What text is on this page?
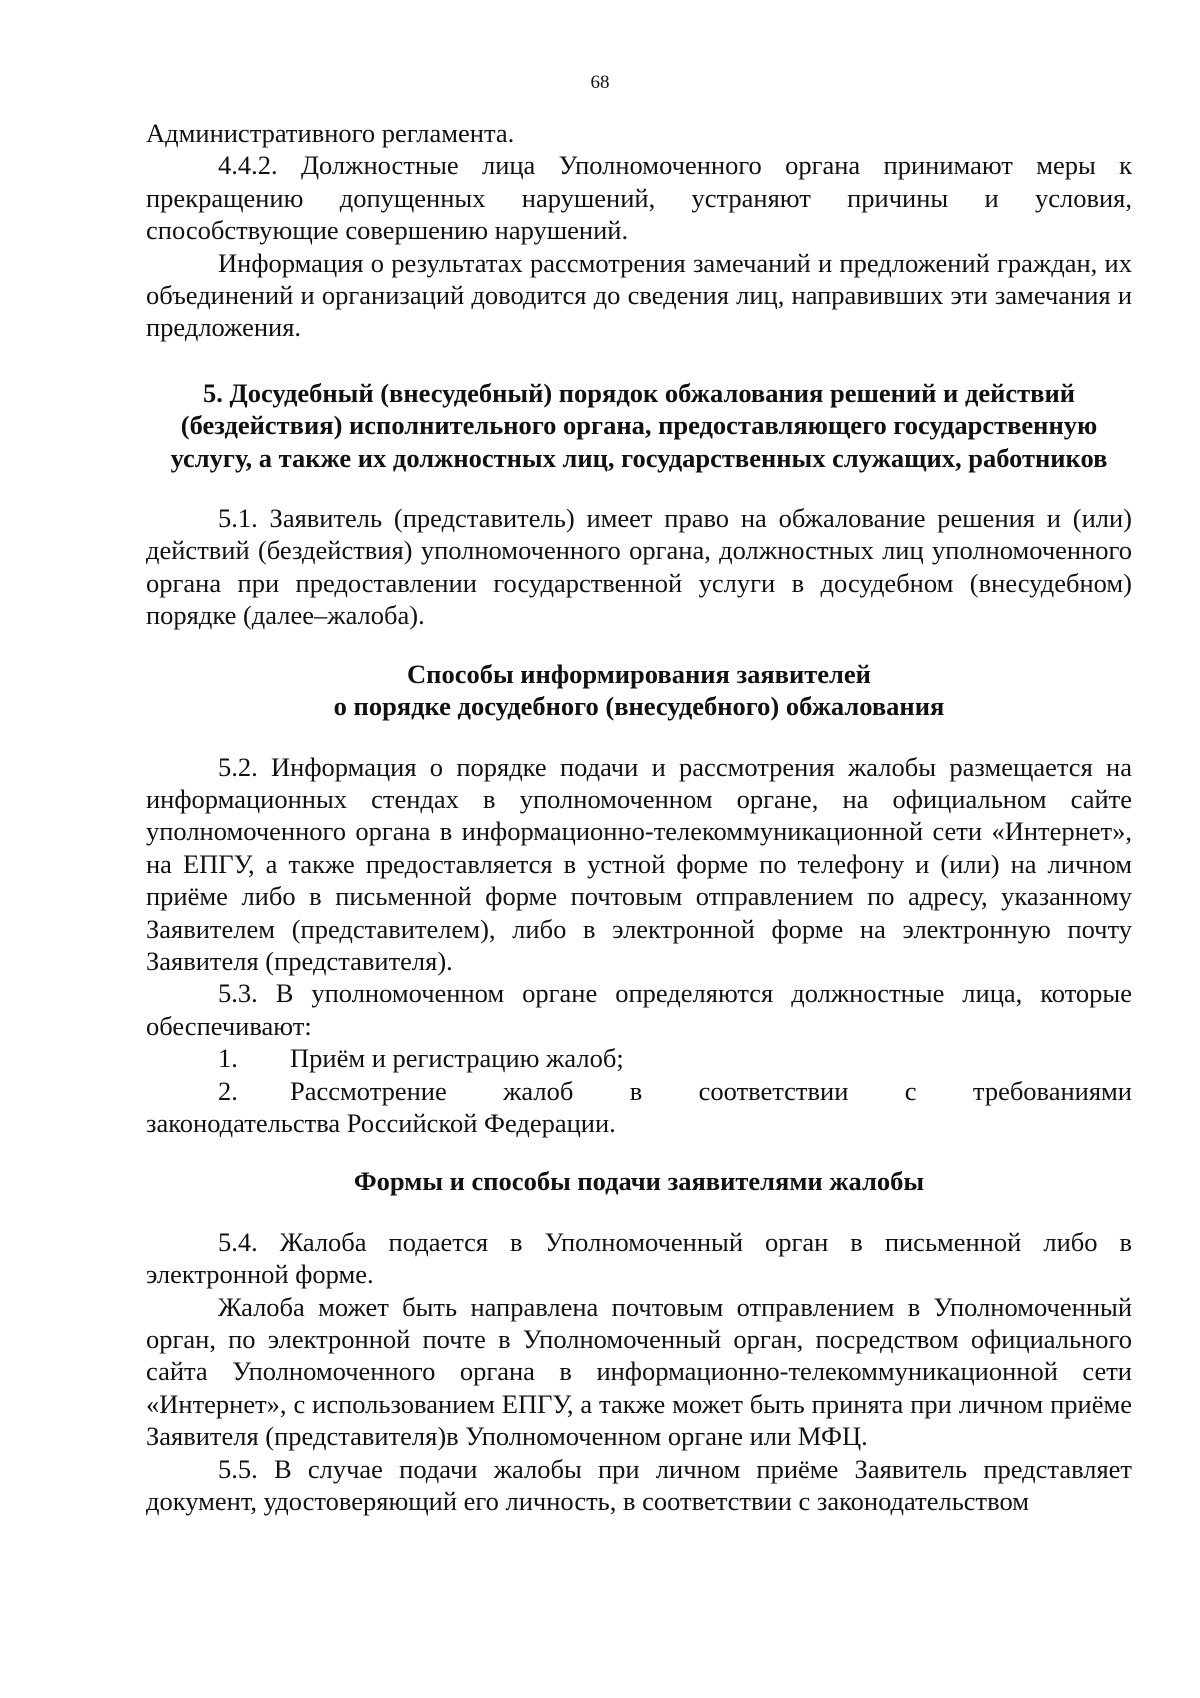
68

Административного регламента.

4.4.2. Должностные лица Уполномоченного органа принимают меры к прекращению допущенных нарушений, устраняют причины и условия, способствующие совершению нарушений.

Информация о результатах рассмотрения замечаний и предложений граждан, их объединений и организаций доводится до сведения лиц, направивших эти замечания и предложения.

5. Досудебный (внесудебный) порядок обжалования решений и действий (бездействия) исполнительного органа, предоставляющего государственную услугу, а также их должностных лиц, государственных служащих, работников

5.1. Заявитель (представитель) имеет право на обжалование решения и (или) действий (бездействия) уполномоченного органа, должностных лиц уполномоченного органа при предоставлении государственной услуги в досудебном (внесудебном) порядке (далее–жалоба).

Способы информирования заявителей
о порядке досудебного (внесудебного) обжалования

5.2. Информация о порядке подачи и рассмотрения жалобы размещается на информационных стендах в уполномоченном органе, на официальном сайте уполномоченного органа в информационно-телекоммуникационной сети «Интернет», на ЕПГУ, а также предоставляется в устной форме по телефону и (или) на личном приёме либо в письменной форме почтовым отправлением по адресу, указанному Заявителем (представителем), либо в электронной форме на электронную почту Заявителя (представителя).

5.3. В уполномоченном органе определяются должностные лица, которые обеспечивают:

1.	Приём и регистрацию жалоб;
2.	Рассмотрение жалоб в соответствии с требованиями

законодательства Российской Федерации.

Формы и способы подачи заявителями жалобы

5.4. Жалоба подается в Уполномоченный орган в письменной либо в электронной форме.

Жалоба может быть направлена почтовым отправлением в Уполномоченный орган, по электронной почте в Уполномоченный орган, посредством официального сайта Уполномоченного органа в информационно-телекоммуникационной сети «Интернет», с использованием ЕПГУ, а также может быть принята при личном приёме Заявителя (представителя)в Уполномоченном органе или МФЦ.

5.5. В случае подачи жалобы при личном приёме Заявитель представляет документ, удостоверяющий его личность, в соответствии с законодательством
